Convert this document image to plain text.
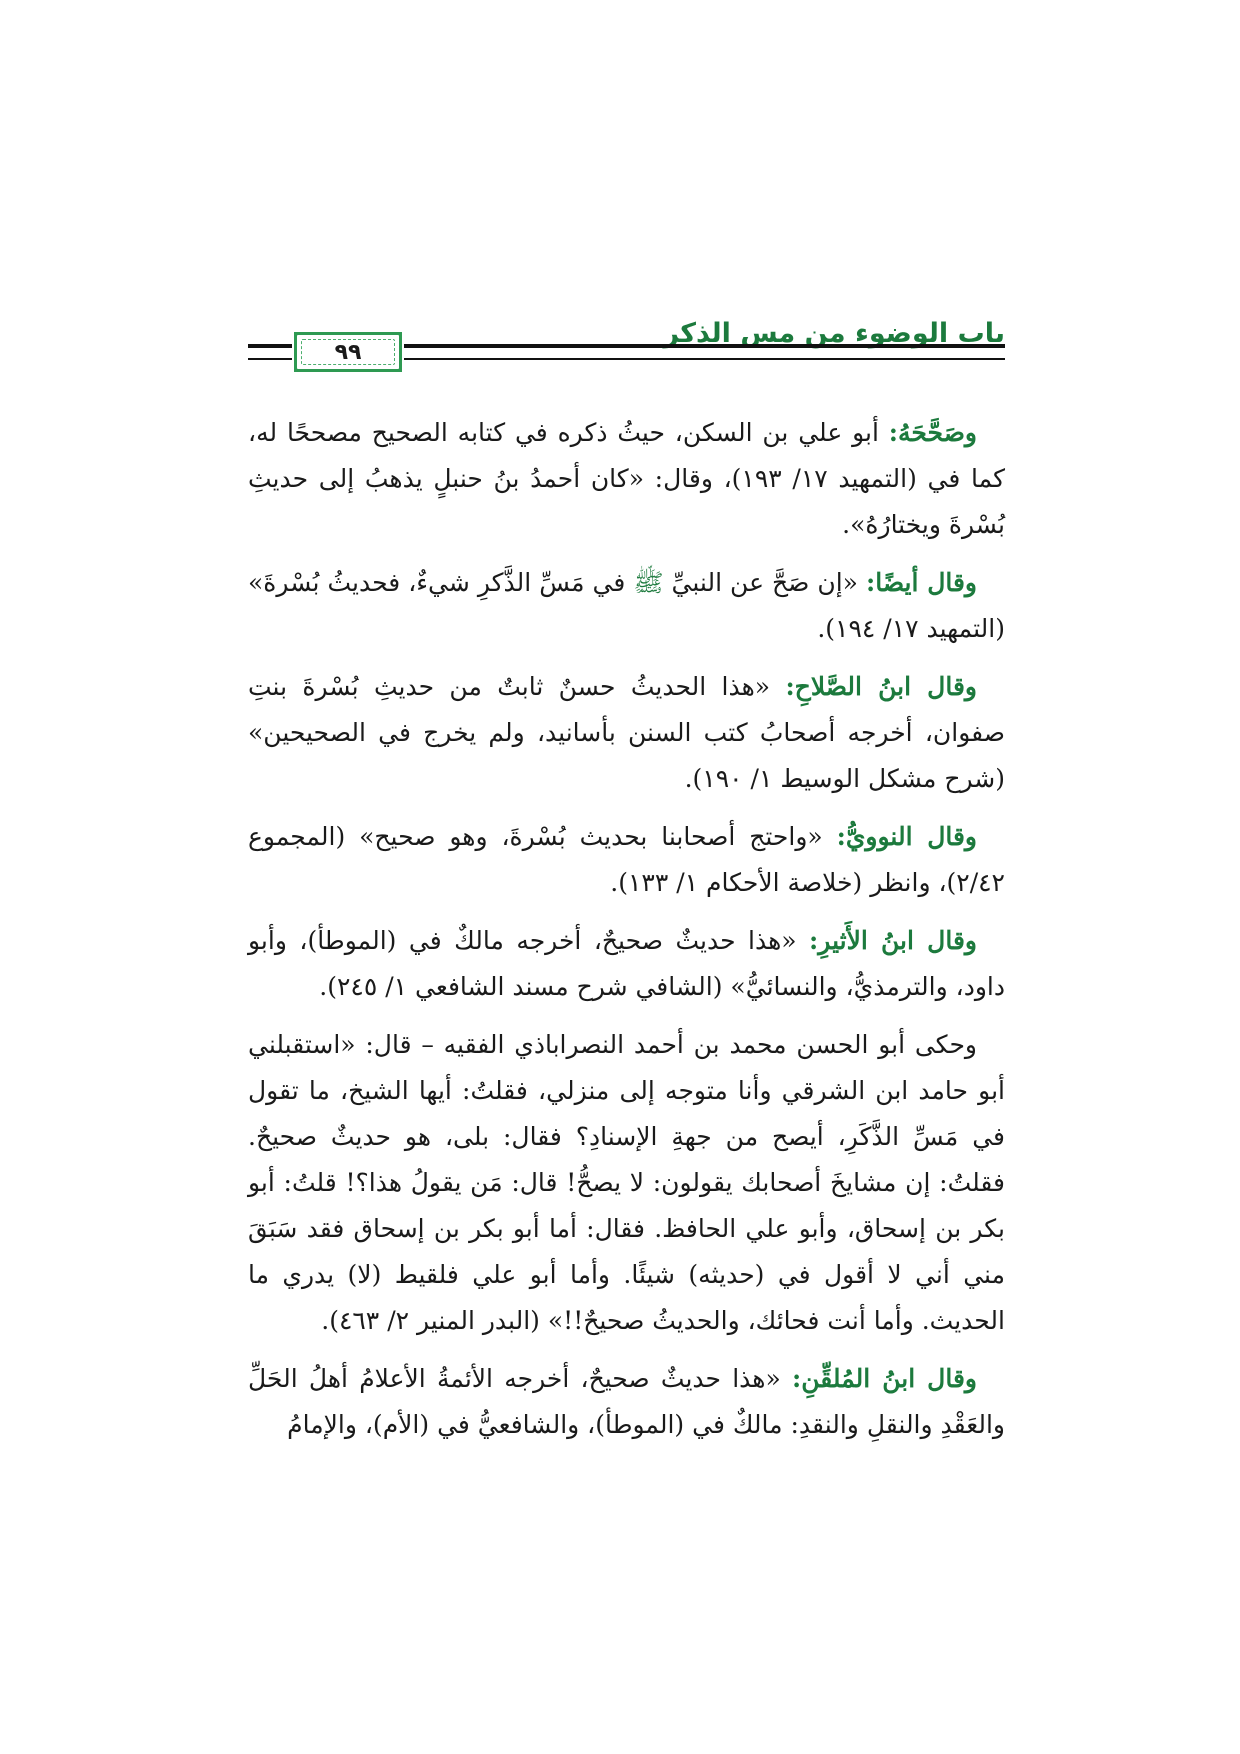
باب الوضوء من مس الذكر
٩٩

وصَحَّحَهُ: أبو علي بن السكن، حيثُ ذكره في كتابه الصحيح مصححًا له، كما في (التمهيد ١٧/ ١٩٣)، وقال: «كان أحمدُ بنُ حنبلٍ يذهبُ إلى حديثِ بُسْرةَ ويختارُهُ».

وقال أيضًا: «إن صَحَّ عن النبيِّ ﷺ في مَسِّ الذَّكرِ شيءٌ، فحديثُ بُسْرةَ» (التمهيد ١٧/ ١٩٤).

وقال ابنُ الصَّلاحِ: «هذا الحديثُ حسنٌ ثابتٌ من حديثِ بُسْرةَ بنتِ صفوان، أخرجه أصحابُ كتب السنن بأسانيد، ولم يخرج في الصحيحين» (شرح مشكل الوسيط ١/ ١٩٠).

وقال النوويُّ: «واحتج أصحابنا بحديث بُسْرةَ، وهو صحيح» (المجموع ٢/٤٢)، وانظر (خلاصة الأحكام ١/ ١٣٣).

وقال ابنُ الأَثيرِ: «هذا حديثٌ صحيحٌ، أخرجه مالكٌ في (الموطأ)، وأبو داود، والترمذيُّ، والنسائيُّ» (الشافي شرح مسند الشافعي ١/ ٢٤٥).

وحكى أبو الحسن محمد بن أحمد النصراباذي الفقيه – قال: «استقبلني أبو حامد ابن الشرقي وأنا متوجه إلى منزلي، فقلتُ: أيها الشيخ، ما تقول في مَسِّ الذَّكَرِ، أيصح من جهةِ الإسنادِ؟ فقال: بلى، هو حديثٌ صحيحٌ. فقلتُ: إن مشايخَ أصحابك يقولون: لا يصحُّ! قال: مَن يقولُ هذا؟! قلتُ: أبو بكر بن إسحاق، وأبو علي الحافظ. فقال: أما أبو بكر بن إسحاق فقد سَبَقَ مني أني لا أقول في (حديثه) شيئًا. وأما أبو علي فلقيط (لا) يدري ما الحديث. وأما أنت فحائك، والحديثُ صحيحٌ!!» (البدر المنير ٢/ ٤٦٣).

وقال ابنُ المُلقِّنِ: «هذا حديثٌ صحيحٌ، أخرجه الأئمةُ الأعلامُ أهلُ الحَلِّ والعَقْدِ والنقلِ والنقدِ: مالكٌ في (الموطأ)، والشافعيُّ في (الأم)، والإمامُ
